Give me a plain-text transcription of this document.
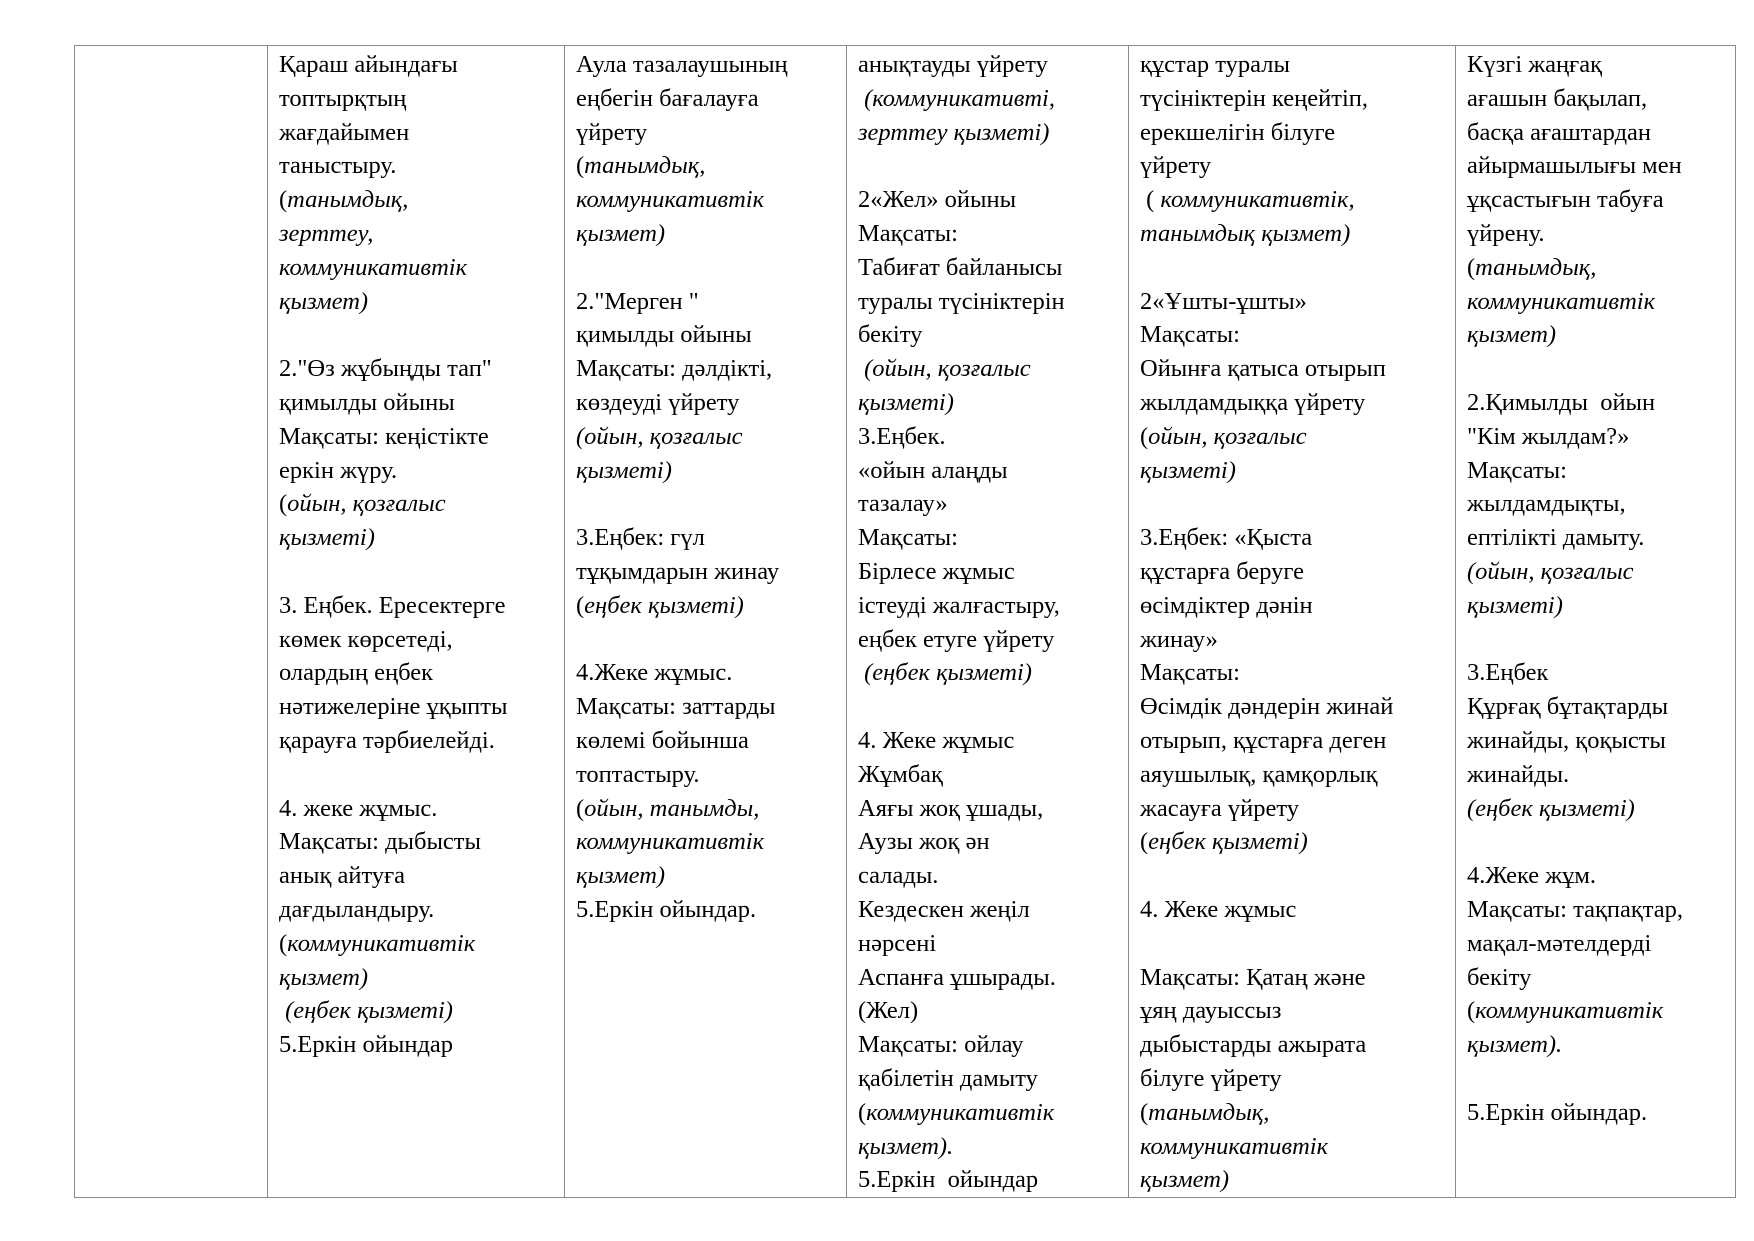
Қараш айындағы
топтырқтың
жағдайымен
таныстыру.
(танымдық,
зерттеу,
коммуникативтік
қызмет)
2."Өз жұбыңды тап"
қимылды ойыны
Мақсаты: кеңістікте
еркін жүру.
(ойын, қозғалыс
қызметі)
3. Еңбек. Ересектерге
көмек көрсетеді,
олардың еңбек
нәтижелеріне ұқыпты
қарауға тәрбиелейді.
4. жеке жұмыс.
Мақсаты: дыбысты
анық айтуға
дағдыландыру.
(коммуникативтік
қызмет)
(еңбек қызметі)
5.Еркін ойындар

Аула тазалаушының
еңбегін бағалауға
үйрету
(танымдық,
коммуникативтік
қызмет)
2."Мерген "
қимылды ойыны
Мақсаты: дәлдікті,
көздеуді үйрету
(ойын, қозғалыс
қызметі)
3.Еңбек: гүл
тұқымдарын жинау
(еңбек қызметі)
4.Жеке жұмыс.
Мақсаты: заттарды
көлемі бойынша
топтастыру.
(ойын, танымды,
коммуникативтік
қызмет)
5.Еркін ойындар.

анықтауды үйрету
(коммуникативті,
зерттеу қызметі)
2«Жел» ойыны
Мақсаты:
Табиғат байланысы
туралы түсініктерін
бекіту
(ойын, қозғалыс
қызметі)
3.Еңбек.
«ойын алаңды
тазалау»
Мақсаты:
Бірлесе жұмыс
істеуді жалғастыру,
еңбек етуге үйрету
(еңбек қызметі)
4. Жеке жұмыс
Жұмбақ
Аяғы жоқ ұшады,
Аузы жоқ ән
салады.
Кездескен жеңіл
нәрсені
Аспанға ұшырады.
(Жел)
Мақсаты: ойлау
қабілетін дамыту
(коммуникативтік
қызмет).
5.Еркін  ойындар

құстар туралы
түсініктерін кеңейтіп,
ерекшелігін білуге
үйрету
( коммуникативтік,
танымдық қызмет)
2«Ұшты-ұшты»
Мақсаты:
Ойынға қатыса отырып
жылдамдыққа үйрету
(ойын, қозғалыс
қызметі)
3.Еңбек: «Қыста
құстарға беруге
өсімдіктер дәнін
жинау»
Мақсаты:
Өсімдік дәндерін жинай
отырып, құстарға деген
аяушылық, қамқорлық
жасауға үйрету
(еңбек қызметі)
4. Жеке жұмыс
Мақсаты: Қатаң және
ұяң дауыссыз
дыбыстарды ажырата
білуге үйрету
(танымдық,
коммуникативтік
қызмет)

Күзгі жаңғақ
ағашын бақылап,
басқа ағаштардан
айырмашылығы мен
ұқсастығын табуға
үйрену.
(танымдық,
коммуникативтік
қызмет)
2.Қимылды  ойын
"Кім жылдам?»
Мақсаты:
жылдамдықты,
ептілікті дамыту.
(ойын, қозғалыс
қызметі)
3.Еңбек
Құрғақ бұтақтарды
жинайды, қоқысты
жинайды.
(еңбек қызметі)
4.Жеке жұм.
Мақсаты: тақпақтар,
мақал-мәтелдерді
бекіту
(коммуникативтік
қызмет).
5.Еркін ойындар.
